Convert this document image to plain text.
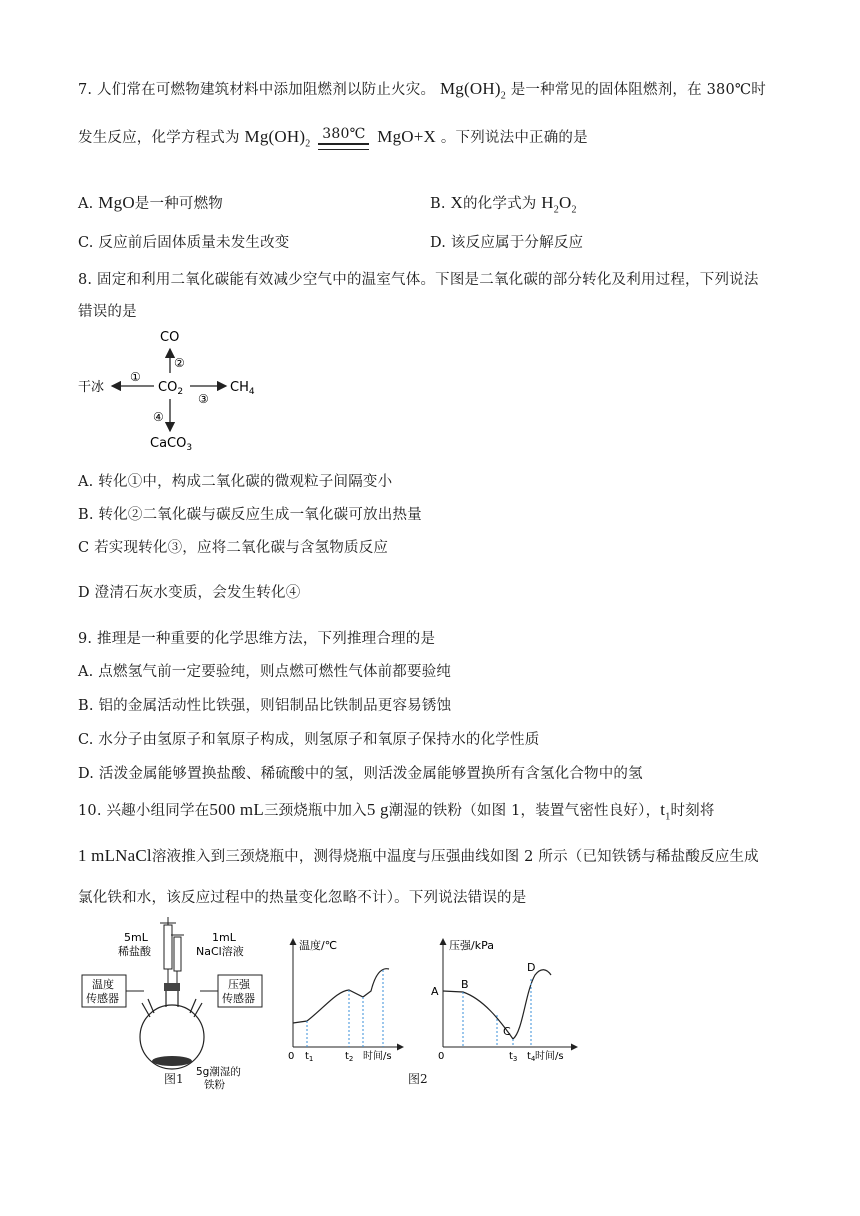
7. 人们常在可燃物建筑材料中添加阻燃剂以防止火灾。 $Mg(OH)_2$ 是一种常见的固体阻燃剂，在 380℃时
发生反应，化学方程式为 $Mg(OH)_2$
380℃ MgO+X 。下列说法中正确的是
A. MgO是一种可燃物	B. X的化学式为 $H_2O_2$
C. 反应前后固体质量未发生改变	D. 该反应属于分解反应
8. 固定和利用二氧化碳能有效减少空气中的温室气体。下图是二氧化碳的部分转化及利用过程，下列说法
错误的是
$CO_2$
CO
干冰	$CH_4$
CaCO$_3$
①
②
③
④
A. 转化①中，构成二氧化碳的微观粒子间隔变小
B. 转化②二氧化碳与碳反应生成一氧化碳可放出热量
C 若实现转化③，应将二氧化碳与含氢物质反应
D 澄清石灰水变质，会发生转化④
9. 推理是一种重要的化学思维方法，下列推理合理的是
A. 点燃氢气前一定要验纯，则点燃可燃性气体前都要验纯
B. 铝的金属活动性比铁强，则铝制品比铁制品更容易锈蚀
C. 水分子由氢原子和氧原子构成，则氢原子和氧原子保持水的化学性质
D. 活泼金属能够置换盐酸、稀硫酸中的氢，则活泼金属能够置换所有含氢化合物中的氢
10. 兴趣小组同学在500 mL三颈烧瓶中加入5 g潮湿的铁粉（如图 1，装置气密性良好），$t_1$时刻将
1 mLNaCl溶液推入到三颈烧瓶中，测得烧瓶中温度与压强曲线如图 2 所示（已知铁锈与稀盐酸反应生成
氯化铁和水，该反应过程中的热量变化忽略不计）。下列说法错误的是
5mL
稀盐酸
1mL
NaCl溶液
温度
传感器
压强
传感器
5g潮湿的
铁粉
图1
温度/℃
0	时间/s
$t_1$	$t_2$
压强/kPa
0	时间/s
A
B
C
D
$t_3$ $t_4$
图2
